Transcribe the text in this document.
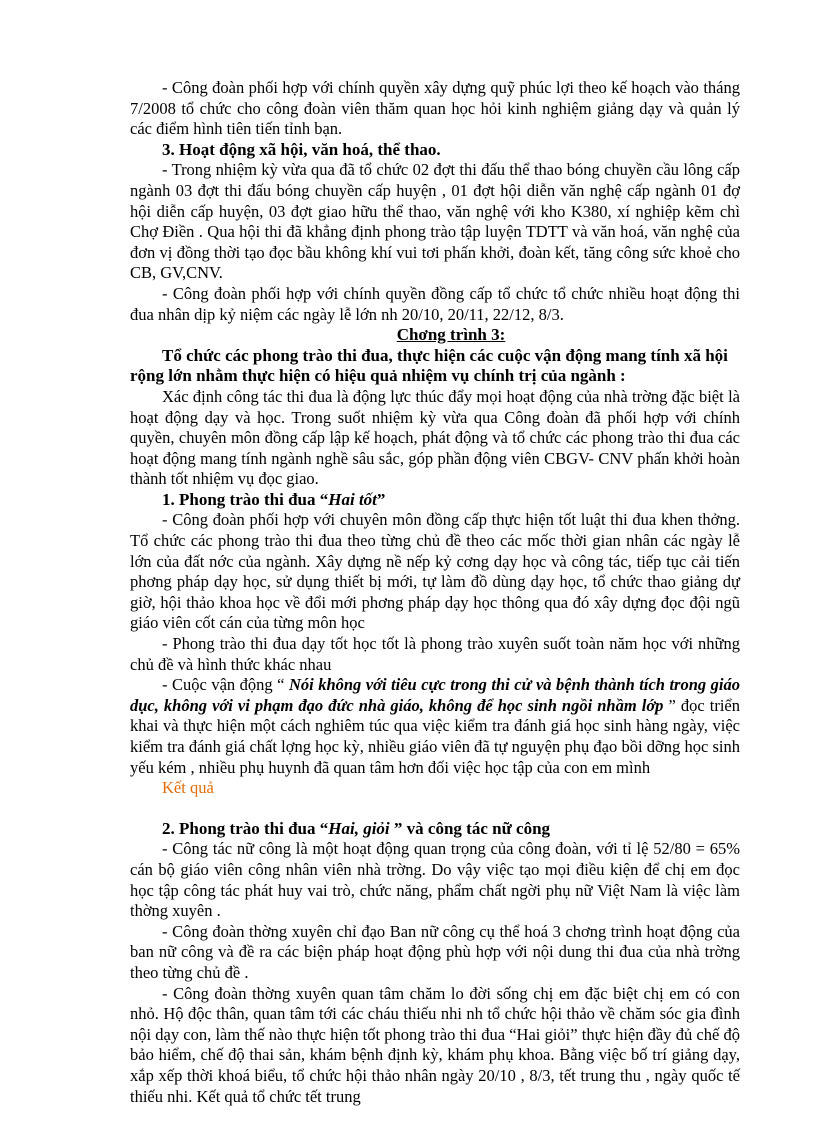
- Công đoàn phối hợp với chính quyền xây dựng quỹ phúc lợi theo kế hoạch vào tháng 7/2008 tổ chức cho công đoàn viên thăm quan học hỏi kinh nghiệm giảng dạy và quản lý các điểm hình tiên tiến tỉnh bạn.

3. Hoạt động xã hội, văn hoá, thể thao.

- Trong nhiệm kỳ vừa qua đã tổ chức 02 đợt thi đấu thể thao bóng chuyền cầu lông cấp ngành 03 đợt thi đấu bóng chuyền cấp huyện , 01 đợt hội diễn văn nghệ cấp ngành 01 đợ hội diễn cấp huyện, 03 đợt giao hữu thể thao, văn nghệ với kho K380, xí nghiệp kẽm chì Chợ Điền . Qua hội thi đã khẳng định phong trào tập luyện TDTT và văn hoá, văn nghệ của đơn vị đồng thời tạo đọc bầu không khí vui tơi phấn khởi, đoàn kết, tăng công sức khoẻ cho CB, GV,CNV.

- Công đoàn phối hợp với chính quyền đồng cấp tổ chức tổ chức nhiều hoạt động thi đua nhân dịp kỷ niệm các ngày lễ lớn nh 20/10, 20/11, 22/12, 8/3.

Chơng trình 3:

Tổ chức các phong trào thi đua, thực hiện các cuộc vận động mang tính xã hội rộng lớn nhằm thực hiện có hiệu quả nhiệm vụ chính trị của ngành :

Xác định công tác thi đua là động lực thúc đẩy mọi hoạt động của nhà trờng đặc biệt là hoạt động dạy và học. Trong suốt nhiệm kỳ vừa qua Công đoàn đã phối hợp với chính quyền, chuyên môn đồng cấp lập kế hoạch, phát động và tổ chức các phong trào thi đua các hoạt động mang tính ngành nghề sâu sắc, góp phần động viên CBGV- CNV phấn khởi hoàn thành tốt nhiệm vụ đọc giao.

1. Phong trào thi đua “Hai tốt”

- Công đoàn phối hợp với chuyên môn đồng cấp thực hiện tốt luật thi đua khen thởng. Tổ chức các phong trào thi đua theo từng chủ đề theo các mốc thời gian nhân các ngày lễ lớn của đất nớc của ngành. Xây dựng nề nếp kỷ cơng dạy học và công tác, tiếp tục cải tiến phơng pháp dạy học, sử dụng thiết bị mới, tự làm đồ dùng dạy học, tổ chức thao giảng dự giờ, hội thảo khoa học về đổi mới phơng pháp dạy học thông qua đó xây dựng đọc đội ngũ giáo viên cốt cán của từng môn học

- Phong trào thi đua dạy tốt học tốt là phong trào xuyên suốt toàn năm học với những chủ đề và hình thức khác nhau

- Cuộc vận động “ Nói không với tiêu cực trong thi cử và bệnh thành tích trong giáo dục, không với vi phạm đạo đức nhà giáo, không để học sinh ngồi nhầm lớp ” đọc triển khai và thực hiện một cách nghiêm túc qua việc kiểm tra đánh giá học sinh hàng ngày, việc kiểm tra đánh giá chất lợng học kỳ, nhiều giáo viên đã tự nguyện phụ đạo bồi dỡng học sinh yếu kém , nhiều phụ huynh đã quan tâm hơn đối việc học tập của con em mình

Kết quả

2. Phong trào thi đua “Hai, giỏi ” và công tác nữ công

- Công tác nữ công là một hoạt động quan trọng của công đoàn, với tỉ lệ 52/80 = 65% cán bộ giáo viên công nhân viên nhà trờng. Do vậy việc tạo mọi điều kiện để chị em đọc học tập công tác phát huy vai trò, chức năng, phẩm chất ngời phụ nữ Việt Nam là việc làm thờng xuyên .

- Công đoàn thờng xuyên chỉ đạo Ban nữ công cụ thể hoá 3 chơng trình hoạt động của ban nữ công và đề ra các biện pháp hoạt động phù hợp với nội dung thi đua của nhà trờng theo từng chủ đề .

- Công đoàn thờng xuyên quan tâm chăm lo đời sống chị em đặc biệt chị em có con nhỏ. Hộ độc thân, quan tâm tới các cháu thiếu nhi nh tổ chức hội thảo về chăm sóc gia đình nội dạy con, làm thế nào thực hiện tốt phong trào thi đua “Hai giỏi” thực hiện đầy đủ chế độ bảo hiểm, chế độ thai sản, khám bệnh định kỳ, khám phụ khoa. Bằng việc bố trí giảng dạy, xắp xếp thời khoá biểu, tổ chức hội thảo nhân ngày 20/10 , 8/3, tết trung thu , ngày quốc tế thiếu nhi. Kết quả tổ chức tết trung
